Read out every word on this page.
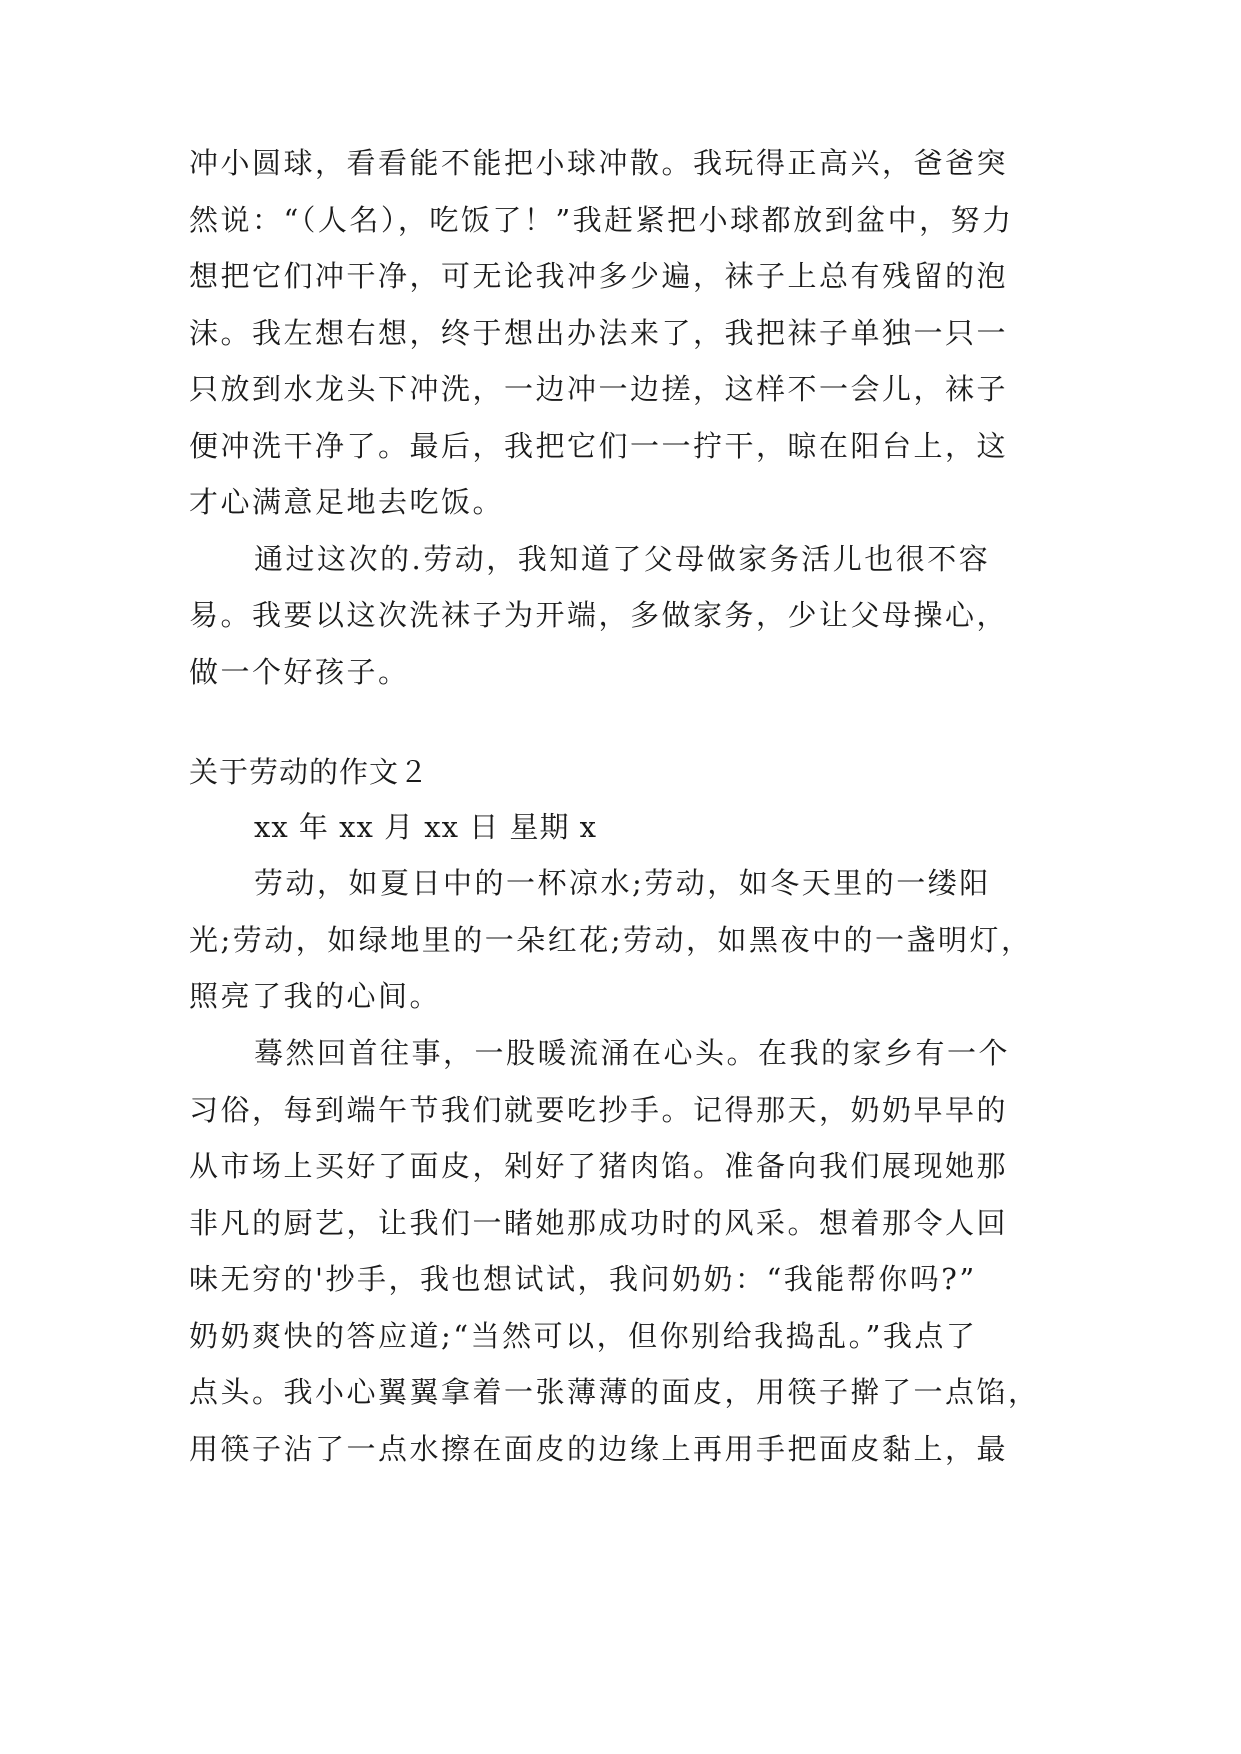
冲小圆球，看看能不能把小球冲散。我玩得正高兴，爸爸突
然说：“（人名），吃饭了！”我赶紧把小球都放到盆中，努力
想把它们冲干净，可无论我冲多少遍，袜子上总有残留的泡
沫。我左想右想，终于想出办法来了，我把袜子单独一只一
只放到水龙头下冲洗，一边冲一边搓，这样不一会儿，袜子
便冲洗干净了。最后，我把它们一一拧干，晾在阳台上，这
才心满意足地去吃饭。
通过这次的.劳动，我知道了父母做家务活儿也很不容
易。我要以这次洗袜子为开端，多做家务，少让父母操心，
做一个好孩子。
关于劳动的作文２
xx 年 xx 月 xx 日 星期 x
劳动，如夏日中的一杯凉水;劳动，如冬天里的一缕阳
光;劳动，如绿地里的一朵红花;劳动，如黑夜中的一盏明灯，
照亮了我的心间。
蓦然回首往事，一股暖流涌在心头。在我的家乡有一个
习俗，每到端午节我们就要吃抄手。记得那天，奶奶早早的
从市场上买好了面皮，剁好了猪肉馅。准备向我们展现她那
非凡的厨艺，让我们一睹她那成功时的风采。想着那令人回
味无穷的'抄手，我也想试试，我问奶奶：“我能帮你吗?”
奶奶爽快的答应道;“当然可以，但你别给我捣乱。”我点了
点头。我小心翼翼拿着一张薄薄的面皮，用筷子擀了一点馅，
用筷子沾了一点水擦在面皮的边缘上再用手把面皮黏上，最
